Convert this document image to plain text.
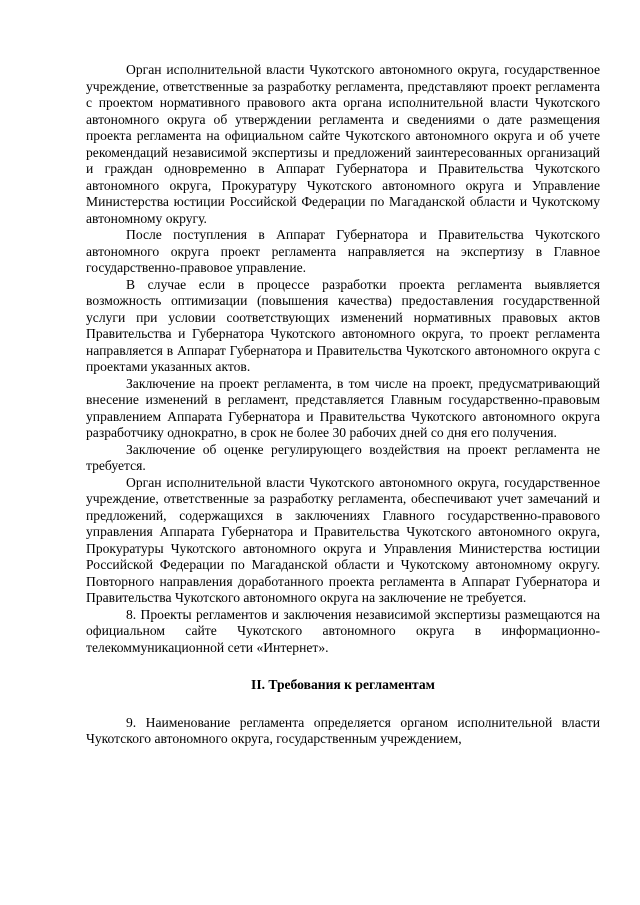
Орган исполнительной власти Чукотского автономного округа, государственное учреждение, ответственные за разработку регламента, представляют проект регламента с проектом нормативного правового акта органа исполнительной власти Чукотского автономного округа об утверждении регламента и сведениями о дате размещения проекта регламента на официальном сайте Чукотского автономного округа и об учете рекомендаций независимой экспертизы и предложений заинтересованных организаций и граждан одновременно в Аппарат Губернатора и Правительства Чукотского автономного округа, Прокуратуру Чукотского автономного округа и Управление Министерства юстиции Российской Федерации по Магаданской области и Чукотскому автономному округу.

После поступления в Аппарат Губернатора и Правительства Чукотского автономного округа проект регламента направляется на экспертизу в Главное государственно-правовое управление.

В случае если в процессе разработки проекта регламента выявляется возможность оптимизации (повышения качества) предоставления государственной услуги при условии соответствующих изменений нормативных правовых актов Правительства и Губернатора Чукотского автономного округа, то проект регламента направляется в Аппарат Губернатора и Правительства Чукотского автономного округа с проектами указанных актов.

Заключение на проект регламента, в том числе на проект, предусматривающий внесение изменений в регламент, представляется Главным государственно-правовым управлением Аппарата Губернатора и Правительства Чукотского автономного округа разработчику однократно, в срок не более 30 рабочих дней со дня его получения.

Заключение об оценке регулирующего воздействия на проект регламента не требуется.

Орган исполнительной власти Чукотского автономного округа, государственное учреждение, ответственные за разработку регламента, обеспечивают учет замечаний и предложений, содержащихся в заключениях Главного государственно-правового управления Аппарата Губернатора и Правительства Чукотского автономного округа, Прокуратуры Чукотского автономного округа и Управления Министерства юстиции Российской Федерации по Магаданской области и Чукотскому автономному округу. Повторного направления доработанного проекта регламента в Аппарат Губернатора и Правительства Чукотского автономного округа на заключение не требуется.

8. Проекты регламентов и заключения независимой экспертизы размещаются на официальном сайте Чукотского автономного округа в информационно-телекоммуникационной сети «Интернет».

II. Требования к регламентам

9. Наименование регламента определяется органом исполнительной власти Чукотского автономного округа, государственным учреждением,
